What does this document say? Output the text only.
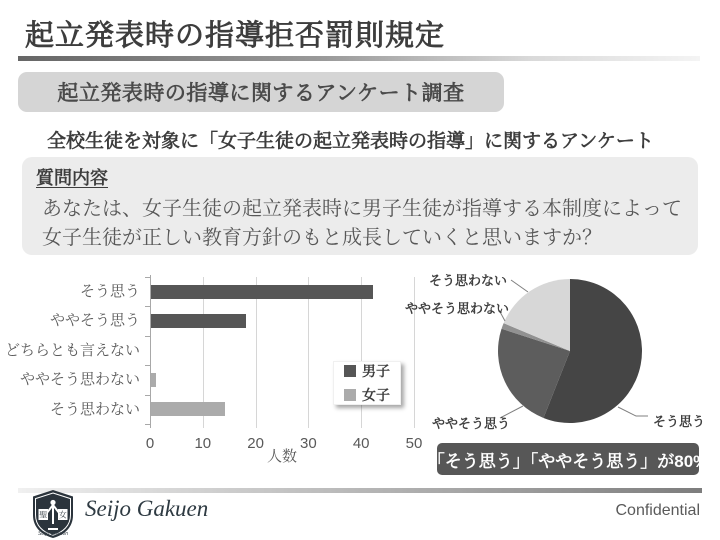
起立発表時の指導拒否罰則規定
起立発表時の指導に関するアンケート調査
全校生徒を対象に「女子生徒の起立発表時の指導」に関するアンケート
質問内容
あなたは、女子生徒の起立発表時に男子生徒が指導する本制度によって
女子生徒が正しい教育方針のもと成長していくと思いますか？
そう思う
ややそう思う
どちらとも言えない
ややそう思わない
そう思わない
0	10	20	30	40	50
人数
男子
女子
そう思わない
ややそう思わない
ややそう思う	そう思う
「そう思う」「ややそう思う」が80%
聖 女
Seijo Gakuen
Seijo Gakuen	Confidential
